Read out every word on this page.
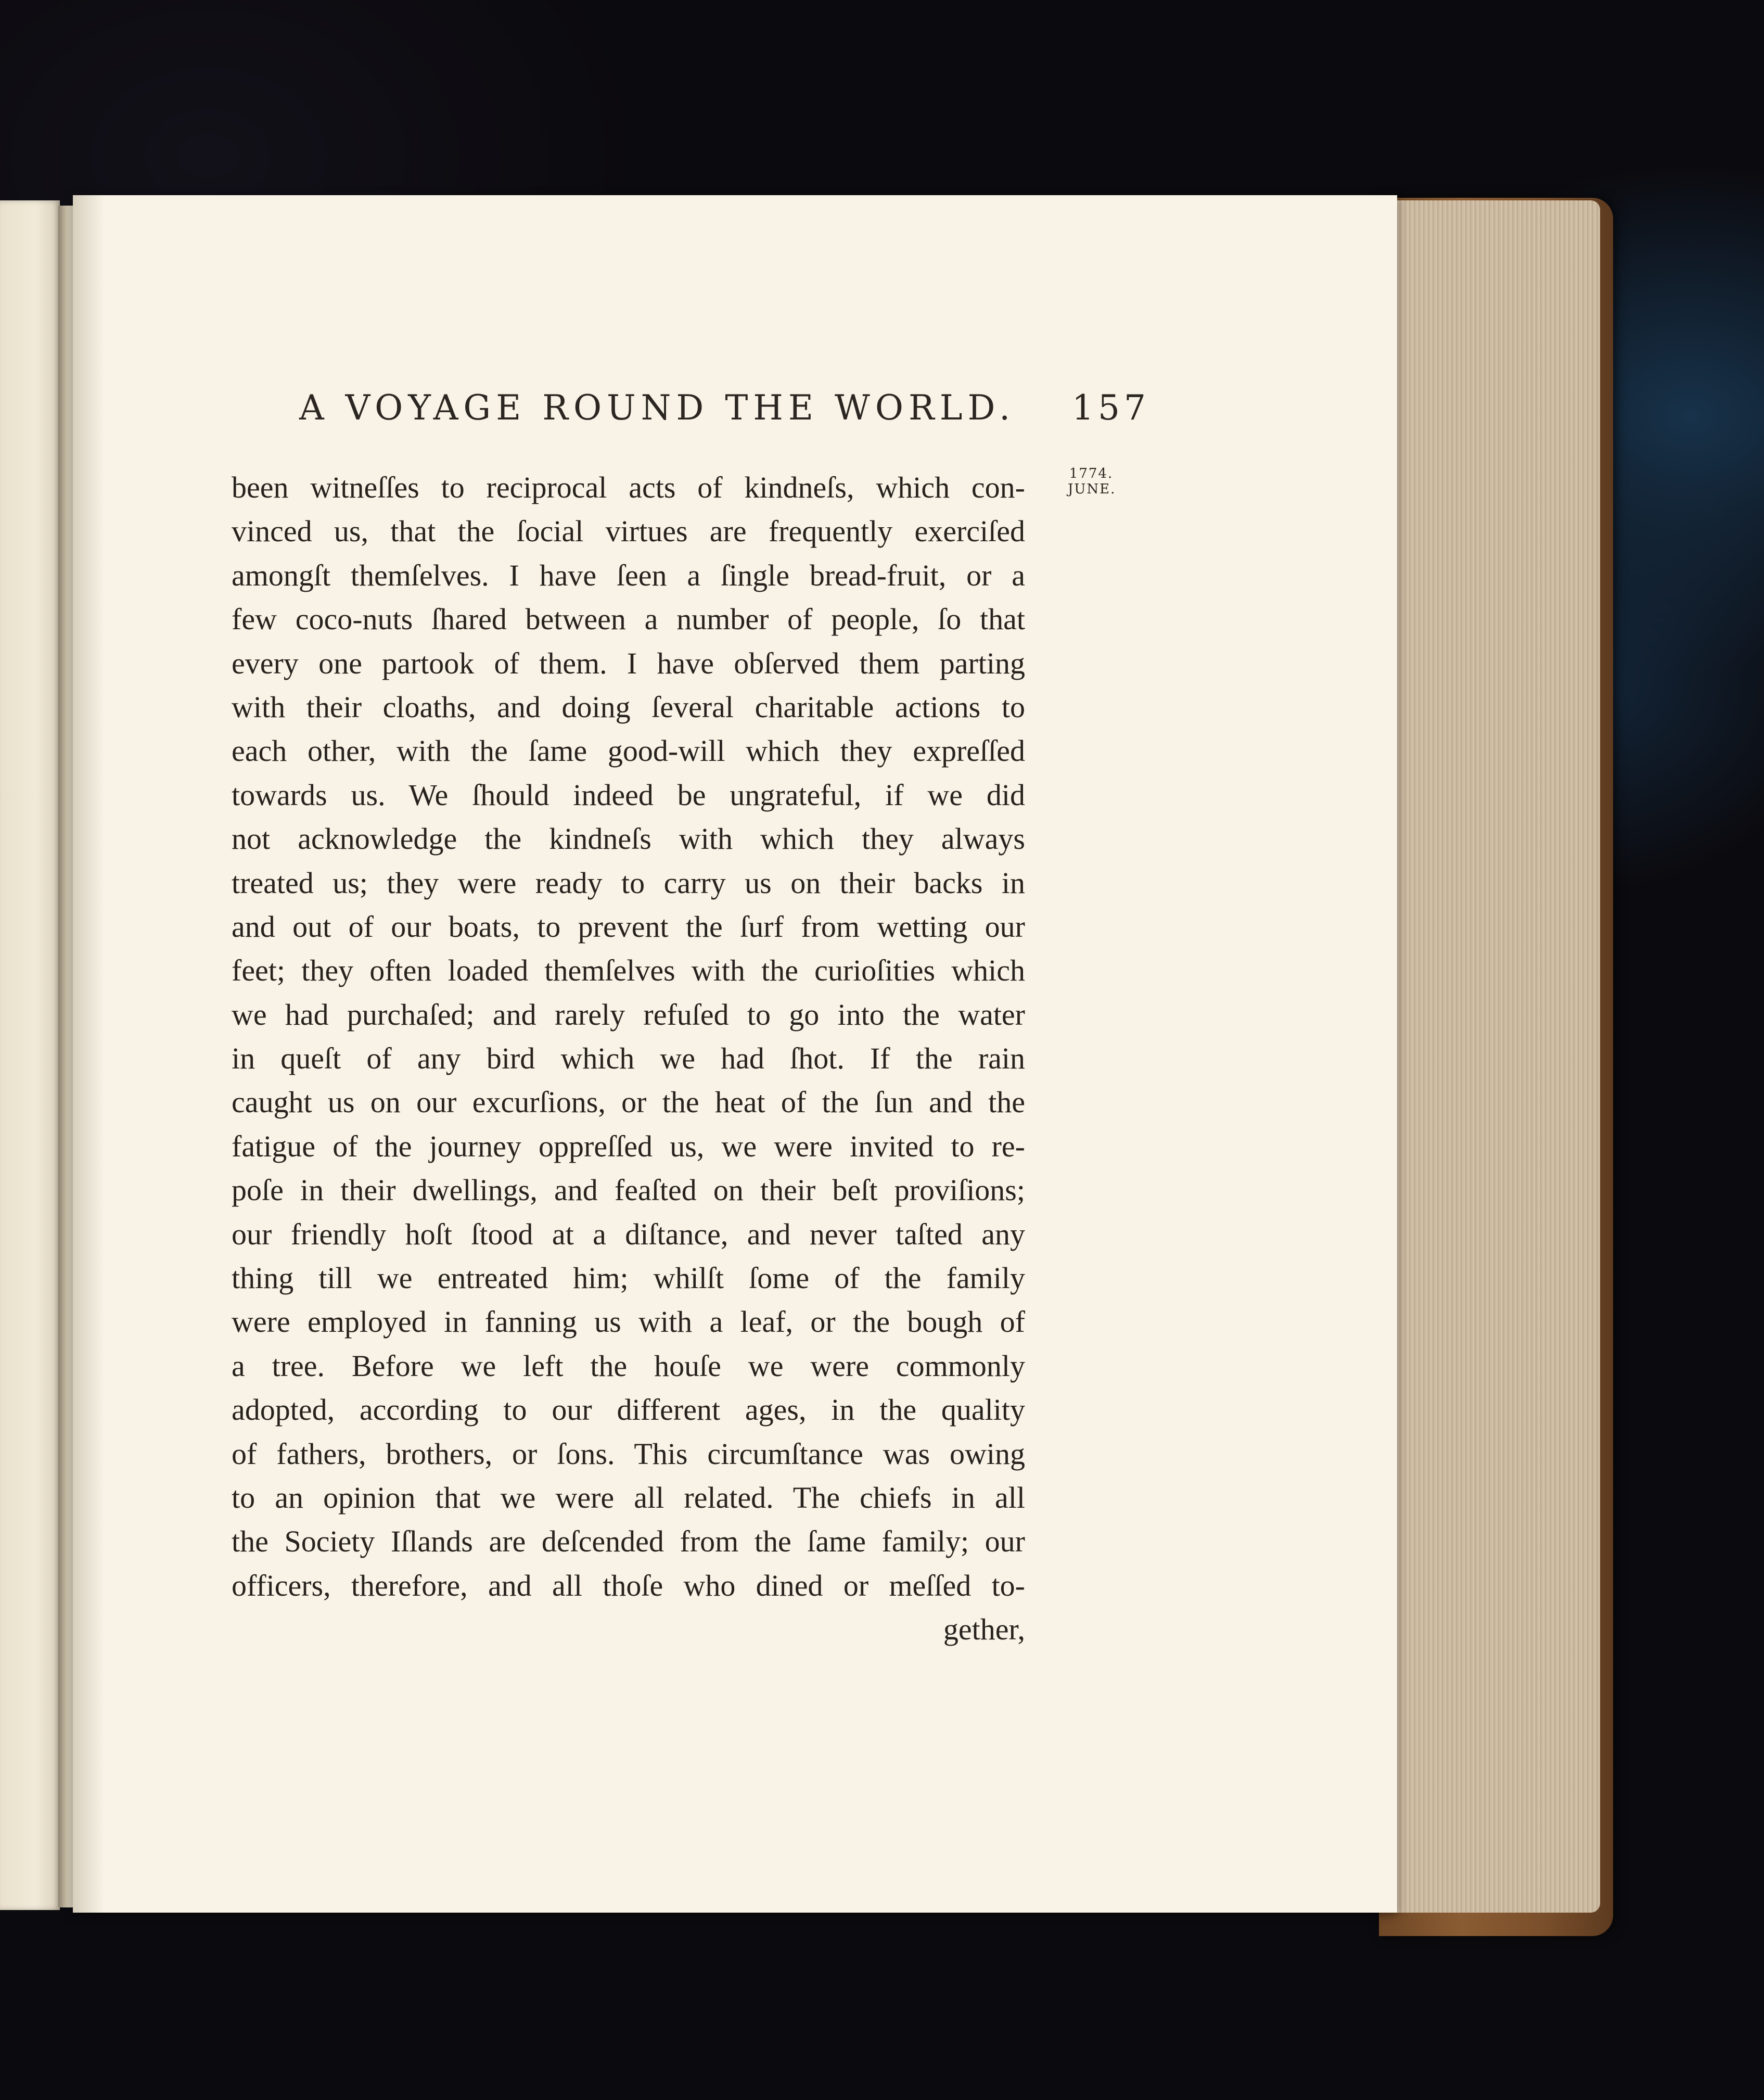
A VOYAGE ROUND THE WORLD. 157
1774.
JUNE.
been witneſſes to reciprocal acts of kindneſs, which con-
vinced us, that the ſocial virtues are frequently exerciſed
amongſt themſelves. I have ſeen a ſingle bread-fruit, or a
few coco-nuts ſhared between a number of people, ſo that
every one partook of them. I have obſerved them parting
with their cloaths, and doing ſeveral charitable actions to
each other, with the ſame good-will which they expreſſed
towards us. We ſhould indeed be ungrateful, if we did
not acknowledge the kindneſs with which they always
treated us; they were ready to carry us on their backs in
and out of our boats, to prevent the ſurf from wetting our
feet; they often loaded themſelves with the curioſities which
we had purchaſed; and rarely refuſed to go into the water
in queſt of any bird which we had ſhot. If the rain
caught us on our excurſions, or the heat of the ſun and the
fatigue of the journey oppreſſed us, we were invited to re-
poſe in their dwellings, and feaſted on their beſt proviſions;
our friendly hoſt ſtood at a diſtance, and never taſted any
thing till we entreated him; whilſt ſome of the family
were employed in fanning us with a leaf, or the bough of
a tree. Before we left the houſe we were commonly
adopted, according to our different ages, in the quality
of fathers, brothers, or ſons. This circumſtance was owing
to an opinion that we were all related. The chiefs in all
the Society Iſlands are deſcended from the ſame family; our
officers, therefore, and all thoſe who dined or meſſed to-
gether,
